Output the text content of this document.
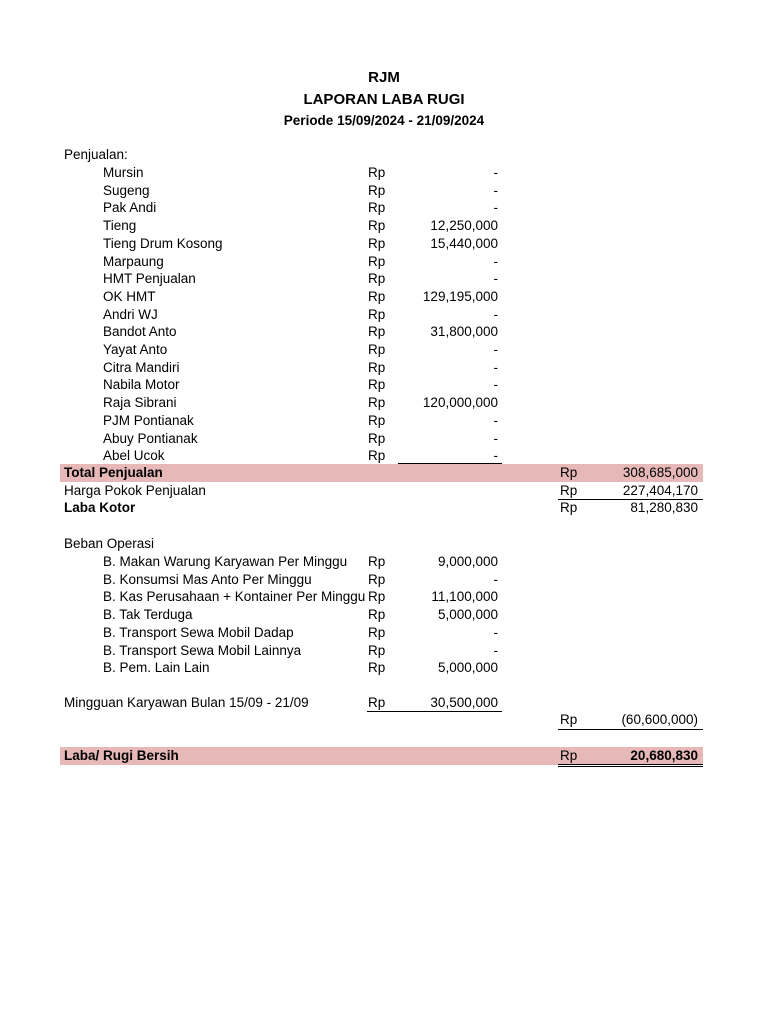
RJM
LAPORAN LABA RUGI
Periode 15/09/2024 - 21/09/2024
Penjualan:
Mursin	Rp	-
Sugeng	Rp	-
Pak Andi	Rp	-
Tieng	Rp	12,250,000
Tieng Drum Kosong	Rp	15,440,000
Marpaung	Rp	-
HMT Penjualan	Rp	-
OK HMT	Rp	129,195,000
Andri WJ	Rp	-
Bandot Anto	Rp	31,800,000
Yayat Anto	Rp	-
Citra Mandiri	Rp	-
Nabila Motor	Rp	-
Raja Sibrani	Rp	120,000,000
PJM Pontianak	Rp	-
Abuy Pontianak	Rp	-
Abel Ucok	Rp	-
Total Penjualan	Rp	308,685,000
Harga Pokok Penjualan	Rp	227,404,170
Laba Kotor	Rp	81,280,830
Beban Operasi
B. Makan Warung Karyawan Per Minggu Rp	9,000,000
B. Konsumsi Mas Anto Per Minggu	Rp	-
B. Kas Perusahaan + Kontainer Per Minggu Rp	11,100,000
B. Tak Terduga	Rp	5,000,000
B. Transport Sewa Mobil Dadap	Rp	-
B. Transport Sewa Mobil Lainnya	Rp	-
B. Pem. Lain Lain	Rp	5,000,000
Mingguan Karyawan Bulan 15/09 - 21/09	Rp	30,500,000
Rp	(60,600,000)
Laba/ Rugi Bersih	Rp	20,680,830
